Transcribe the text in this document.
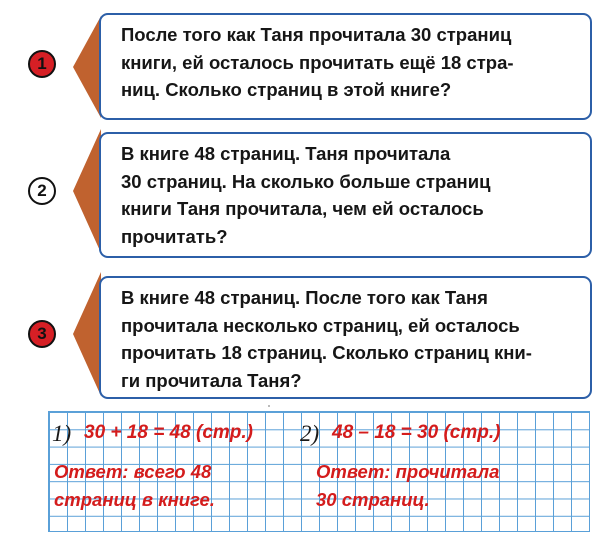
1

После того как Таня прочитала 30 страниц
книги, ей осталось прочитать ещё 18 стра-
ниц. Сколько страниц в этой книге?

2

В книге 48 страниц. Таня прочитала
30 страниц. На сколько больше страниц
книги Таня прочитала, чем ей осталось
прочитать?

3

В книге 48 страниц. После того как Таня
прочитала несколько страниц, ей осталось
прочитать 18 страниц. Сколько страниц кни-
ги прочитала Таня?

1) 30 + 18 = 48 (стр.) 2) 48 – 18 = 30 (стр.)
Ответ: всего 48
страниц в книге.
Ответ: прочитала
30 страниц.
